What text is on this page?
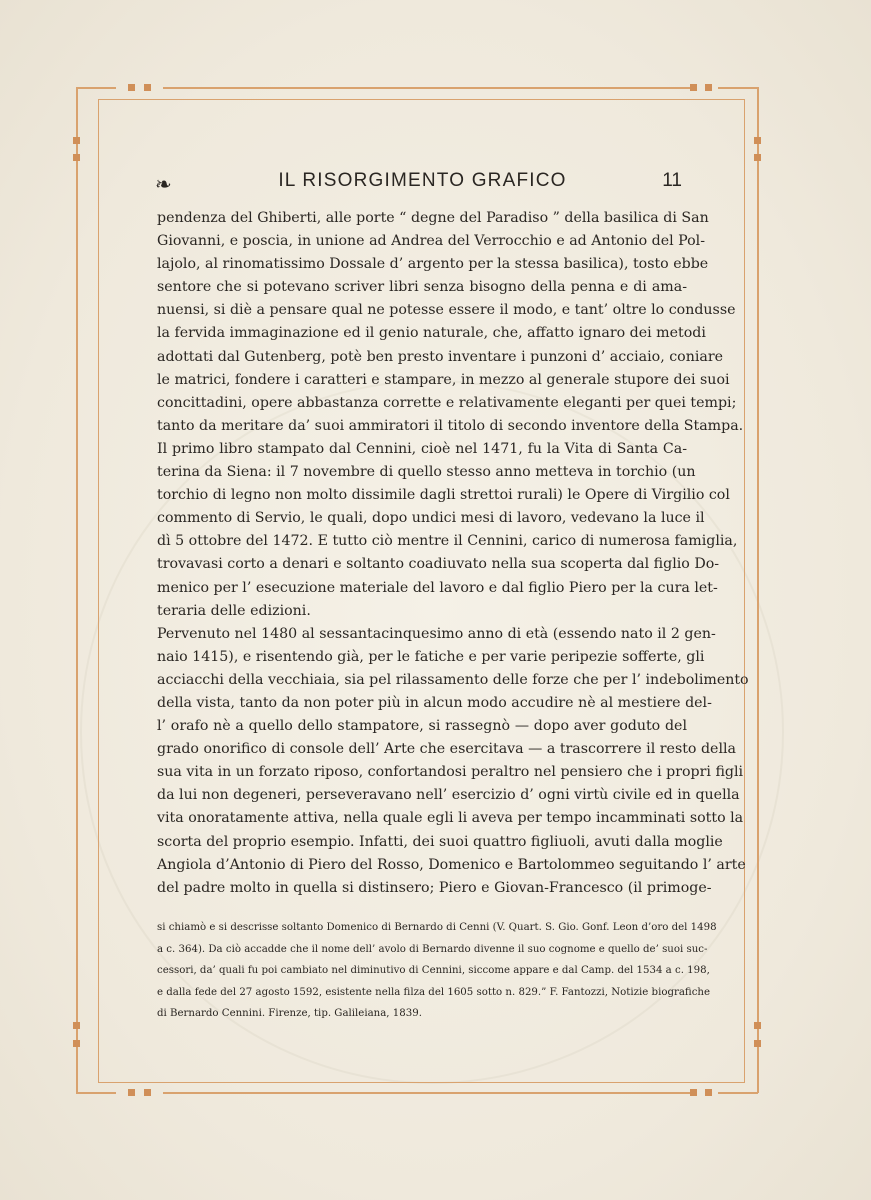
❧	IL RISORGIMENTO GRAFICO	11
pendenza del Ghiberti, alle porte “ degne del Paradiso ” della basilica di San
Giovanni, e poscia, in unione ad Andrea del Verrocchio e ad Antonio del Pol-
lajolo, al rinomatissimo Dossale d’ argento per la stessa basilica), tosto ebbe
sentore che si potevano scriver libri senza bisogno della penna e di ama-
nuensi, si diè a pensare qual ne potesse essere il modo, e tant’ oltre lo condusse
la fervida immaginazione ed il genio naturale, che, affatto ignaro dei metodi
adottati dal Gutenberg, potè ben presto inventare i punzoni d’ acciaio, coniare
le matrici, fondere i caratteri e stampare, in mezzo al generale stupore dei suoi
concittadini, opere abbastanza corrette e relativamente eleganti per quei tempi;
tanto da meritare da’ suoi ammiratori il titolo di secondo inventore della Stampa.
Il primo libro stampato dal Cennini, cioè nel 1471, fu la Vita di Santa Ca-
terina da Siena: il 7 novembre di quello stesso anno metteva in torchio (un
torchio di legno non molto dissimile dagli strettoi rurali) le Opere di Virgilio col
commento di Servio, le quali, dopo undici mesi di lavoro, vedevano la luce il
dì 5 ottobre del 1472. E tutto ciò mentre il Cennini, carico di numerosa famiglia,
trovavasi corto a denari e soltanto coadiuvato nella sua scoperta dal figlio Do-
menico per l’ esecuzione materiale del lavoro e dal figlio Piero per la cura let-
teraria delle edizioni.
Pervenuto nel 1480 al sessantacinquesimo anno di età (essendo nato il 2 gen-
naio 1415), e risentendo già, per le fatiche e per varie peripezie sofferte, gli
acciacchi della vecchiaia, sia pel rilassamento delle forze che per l’ indebolimento
della vista, tanto da non poter più in alcun modo accudire nè al mestiere del-
l’ orafo nè a quello dello stampatore, si rassegnò — dopo aver goduto del
grado onorifico di console dell’ Arte che esercitava — a trascorrere il resto della
sua vita in un forzato riposo, confortandosi peraltro nel pensiero che i propri figli
da lui non degeneri, perseveravano nell’ esercizio d’ ogni virtù civile ed in quella
vita onoratamente attiva, nella quale egli li aveva per tempo incamminati sotto la
scorta del proprio esempio. Infatti, dei suoi quattro figliuoli, avuti dalla moglie
Angiola d’Antonio di Piero del Rosso, Domenico e Bartolommeo seguitando l’ arte
del padre molto in quella si distinsero; Piero e Giovan-Francesco (il primoge-
si chiamò e si descrisse soltanto Domenico di Bernardo di Cenni (V. Quart. S. Gio. Gonf. Leon d’oro del 1498
a c. 364). Da ciò accadde che il nome dell’ avolo di Bernardo divenne il suo cognome e quello de’ suoi suc-
cessori, da’ quali fu poi cambiato nel diminutivo di Cennini, siccome appare e dal Camp. del 1534 a c. 198,
e dalla fede del 27 agosto 1592, esistente nella filza del 1605 sotto n. 829.” F. Fantozzi, Notizie biografiche
di Bernardo Cennini. Firenze, tip. Galileiana, 1839.
